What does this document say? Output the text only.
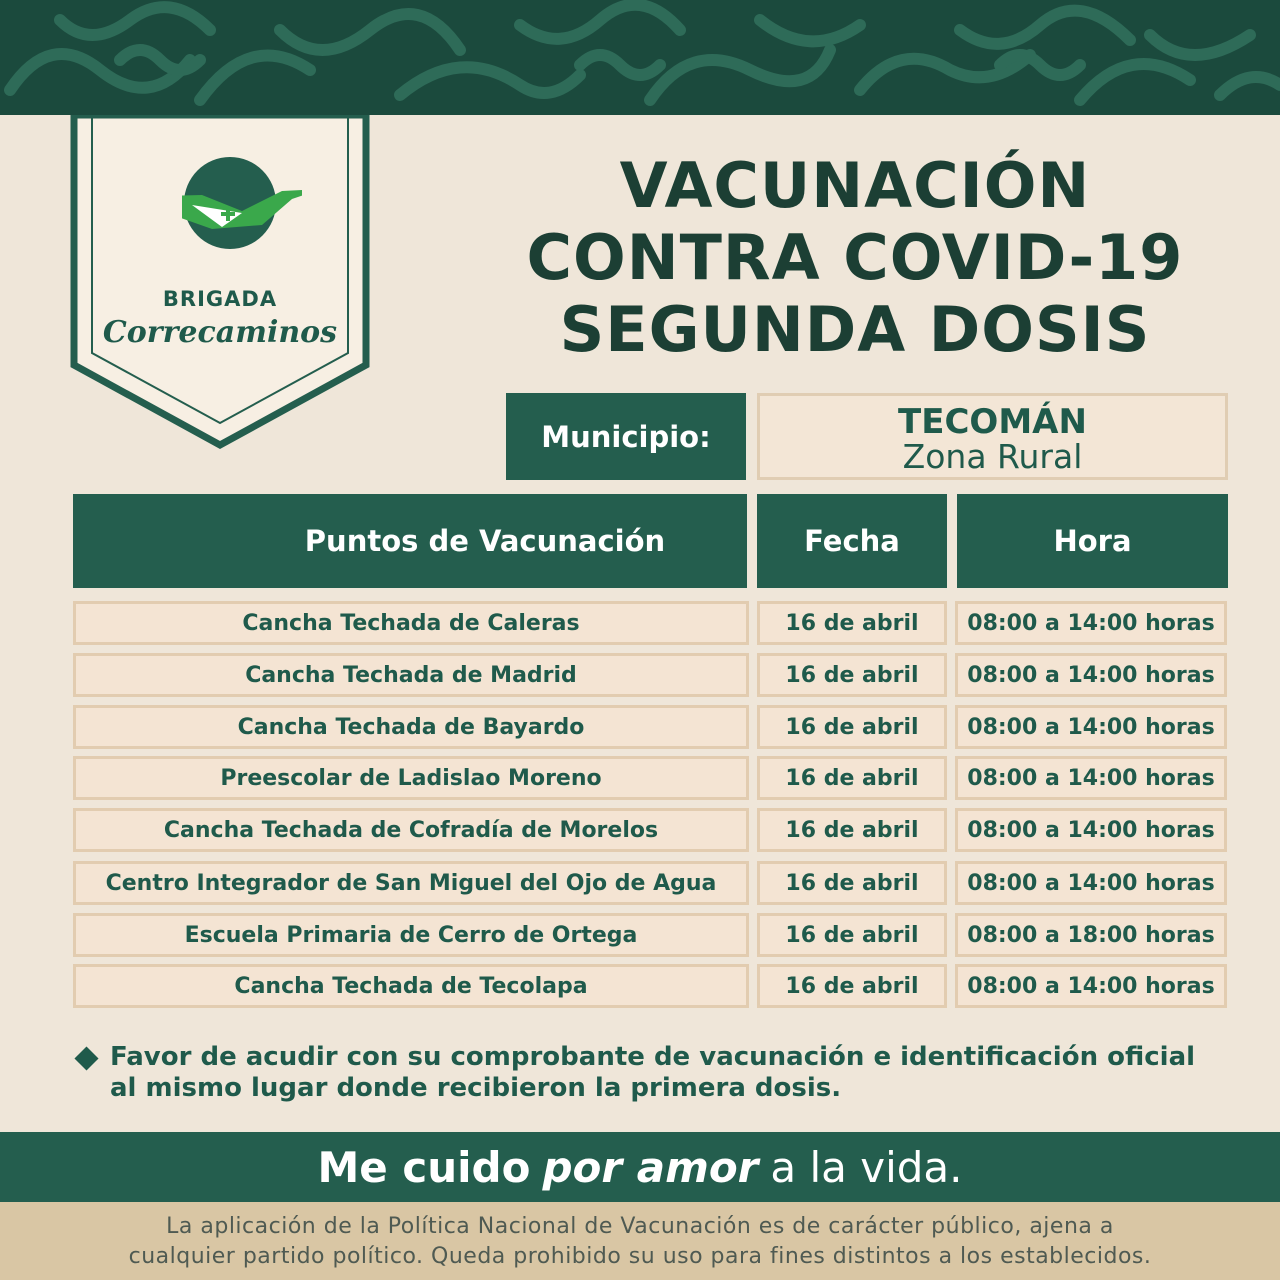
BRIGADA
Correcaminos
VACUNACIÓN
CONTRA COVID-19
SEGUNDA DOSIS
Municipio:	TECOMÁN
Zona Rural
Puntos de Vacunación	Fecha	Hora
Cancha Techada de Caleras	16 de abril	08:00 a 14:00 horas
Cancha Techada de Madrid	16 de abril	08:00 a 14:00 horas
Cancha Techada de Bayardo	16 de abril	08:00 a 14:00 horas
Preescolar de Ladislao Moreno	16 de abril	08:00 a 14:00 horas
Cancha Techada de Cofradía de Morelos	16 de abril	08:00 a 14:00 horas
Centro Integrador de San Miguel del Ojo de Agua	16 de abril	08:00 a 14:00 horas
Escuela Primaria de Cerro de Ortega	16 de abril	08:00 a 18:00 horas
Cancha Techada de Tecolapa	16 de abril	08:00 a 14:00 horas
Favor de acudir con su comprobante de vacunación e identificación oficial
al mismo lugar donde recibieron la primera dosis.
Me cuido por amor a la vida.
La aplicación de la Política Nacional de Vacunación es de carácter público, ajena a
cualquier partido político. Queda prohibido su uso para fines distintos a los establecidos.
